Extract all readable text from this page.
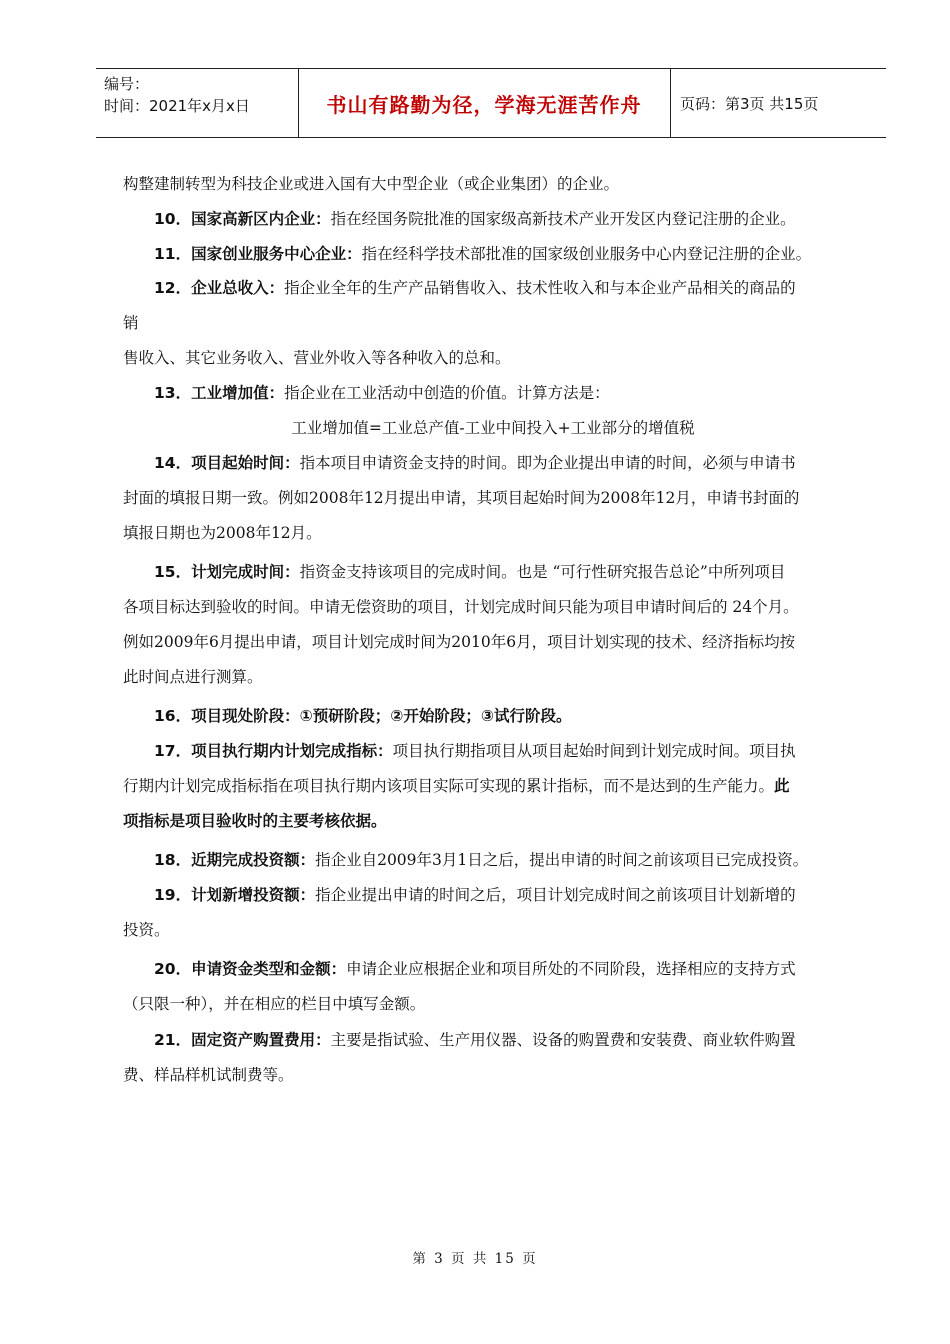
编号：
时间：2021年x月x日	书山有路勤为径，学海无涯苦作舟	页码：第3页 共15页
构整建制转型为科技企业或进入国有大中型企业（或企业集团）的企业。
10．国家高新区内企业：指在经国务院批准的国家级高新技术产业开发区内登记注册的企业。
11．国家创业服务中心企业：指在经科学技术部批准的国家级创业服务中心内登记注册的企业。
12．企业总收入：指企业全年的生产产品销售收入、技术性收入和与本企业产品相关的商品的
销
售收入、其它业务收入、营业外收入等各种收入的总和。
13．工业增加值：指企业在工业活动中创造的价值。计算方法是：
工业增加值=工业总产值-工业中间投入+工业部分的增值税
14．项目起始时间：指本项目申请资金支持的时间。即为企业提出申请的时间，必须与申请书
封面的填报日期一致。例如2008年12月提出申请，其项目起始时间为2008年12月，申请书封面的
填报日期也为2008年12月。
15．计划完成时间：指资金支持该项目的完成时间。也是 “可行性研究报告总论”中所列项目
各项目标达到验收的时间。申请无偿资助的项目，计划完成时间只能为项目申请时间后的 24个月。
例如2009年6月提出申请，项目计划完成时间为2010年6月，项目计划实现的技术、经济指标均按
此时间点进行测算。
16．项目现处阶段：①预研阶段；②开始阶段；③试行阶段。
17．项目执行期内计划完成指标：项目执行期指项目从项目起始时间到计划完成时间。项目执
行期内计划完成指标指在项目执行期内该项目实际可实现的累计指标，而不是达到的生产能力。此
项指标是项目验收时的主要考核依据。
18．近期完成投资额：指企业自2009年3月1日之后，提出申请的时间之前该项目已完成投资。
19．计划新增投资额：指企业提出申请的时间之后，项目计划完成时间之前该项目计划新增的
投资。
20．申请资金类型和金额：申请企业应根据企业和项目所处的不同阶段，选择相应的支持方式
（只限一种），并在相应的栏目中填写金额。
21．固定资产购置费用：主要是指试验、生产用仪器、设备的购置费和安装费、商业软件购置
费、样品样机试制费等。
第 3 页 共 15 页
